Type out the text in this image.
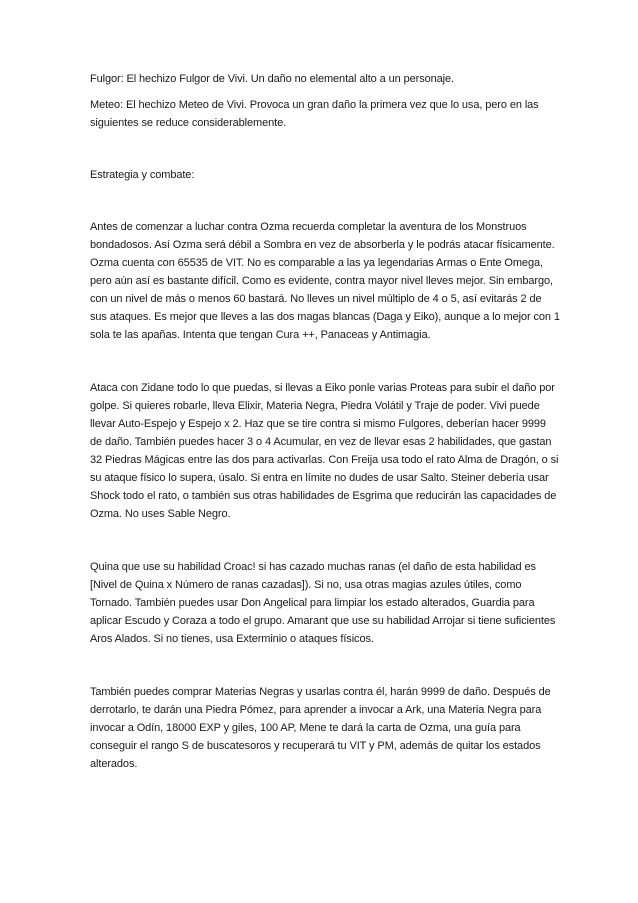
Fulgor: El hechizo Fulgor de Vivi. Un daño no elemental alto a un personaje.

Meteo: El hechizo Meteo de Vivi. Provoca un gran daño la primera vez que lo usa, pero en las siguientes se reduce considerablemente.

Estrategia y combate:

Antes de comenzar a luchar contra Ozma recuerda completar la aventura de los Monstruos bondadosos. Así Ozma será débil a Sombra en vez de absorberla y le podrás atacar físicamente. Ozma cuenta con 65535 de VIT. No es comparable a las ya legendarias Armas o Ente Omega, pero aún así es bastante difícil. Como es evidente, contra mayor nivel lleves mejor. Sin embargo, con un nivel de más o menos 60 bastará. No lleves un nivel múltiplo de 4 o 5, así evitarás 2 de sus ataques. Es mejor que lleves a las dos magas blancas (Daga y Eiko), aunque a lo mejor con 1 sola te las apañas. Intenta que tengan Cura ++, Panaceas y Antimagia.

Ataca con Zidane todo lo que puedas, si llevas a Eiko ponle varias Proteas para subir el daño por golpe. Si quieres robarle, lleva Elixir, Materia Negra, Piedra Volátil y Traje de poder. Vivi puede llevar Auto-Espejo y Espejo x 2. Haz que se tire contra si mismo Fulgores, deberían hacer 9999 de daño. También puedes hacer 3 o 4 Acumular, en vez de llevar esas 2 habilidades, que gastan 32 Piedras Mágicas entre las dos para activarlas. Con Freija usa todo el rato Alma de Dragón, o si su ataque físico lo supera, úsalo. Si entra en límite no dudes de usar Salto. Steiner debería usar Shock todo el rato, o también sus otras habilidades de Esgrima que reducirán las capacidades de Ozma. No uses Sable Negro.

Quina que use su habilidad Croac! si has cazado muchas ranas (el daño de esta habilidad es [Nivel de Quina x Número de ranas cazadas]). Si no, usa otras magias azules útiles, como Tornado. También puedes usar Don Angelical para limpiar los estado alterados, Guardia para aplicar Escudo y Coraza a todo el grupo. Amarant que use su habilidad Arrojar si tiene suficientes Aros Alados. Si no tienes, usa Exterminio o ataques físicos.

También puedes comprar Materias Negras y usarlas contra él, harán 9999 de daño. Después de derrotarlo, te darán una Piedra Pómez, para aprender a invocar a Ark, una Materia Negra para invocar a Odín, 18000 EXP y giles, 100 AP, Mene te dará la carta de Ozma, una guía para conseguir el rango S de buscatesoros y recuperará tu VIT y PM, además de quitar los estados alterados.
